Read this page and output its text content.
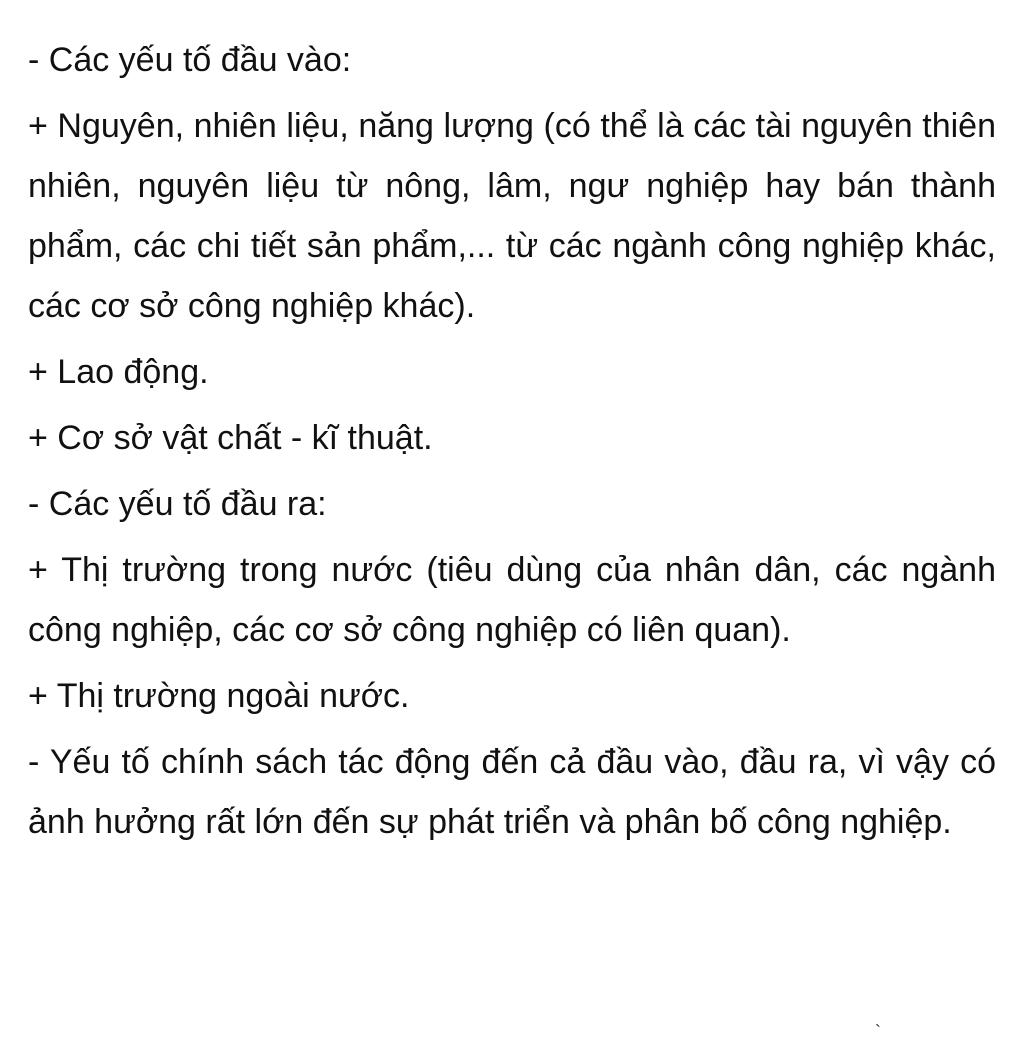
- Các yếu tố đầu vào:

+ Nguyên, nhiên liệu, năng lượng (có thể là các tài nguyên thiên nhiên, nguyên liệu từ nông, lâm, ngư nghiệp hay bán thành phẩm, các chi tiết sản phẩm,... từ các ngành công nghiệp khác, các cơ sở công nghiệp khác).

+ Lao động.

+ Cơ sở vật chất - kĩ thuật.

- Các yếu tố đầu ra:

+ Thị trường trong nước (tiêu dùng của nhân dân, các ngành công nghiệp, các cơ sở công nghiệp có liên quan).

+ Thị trường ngoài nước.

- Yếu tố chính sách tác động đến cả đầu vào, đầu ra, vì vậy có ảnh hưởng rất lớn đến sự phát triển và phân bố công nghiệp.

`
